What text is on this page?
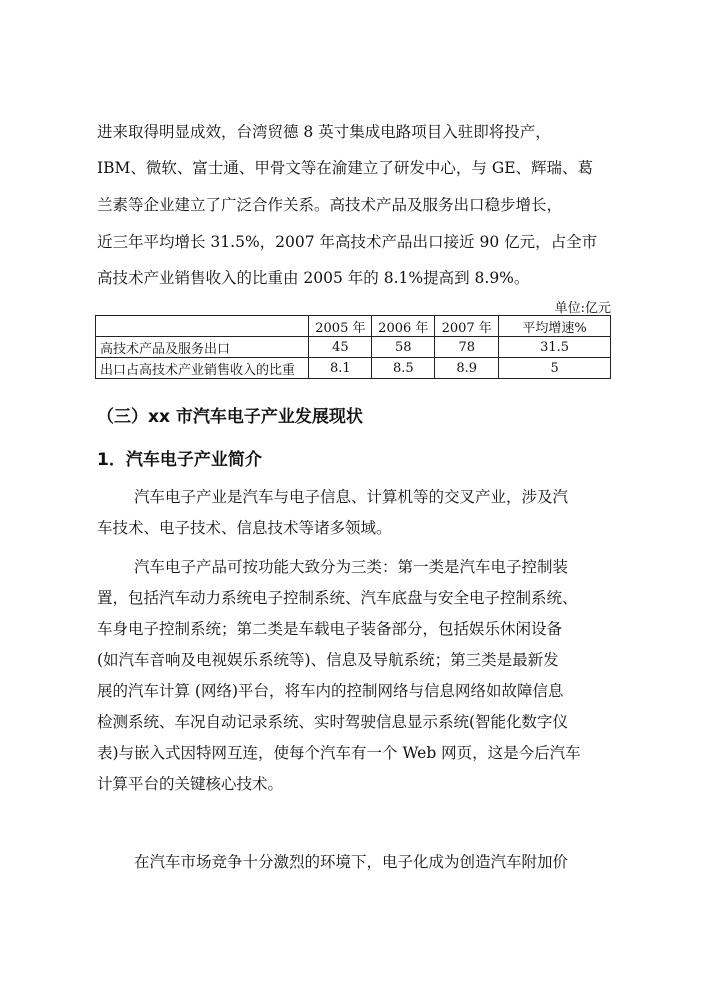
进来取得明显成效，台湾贸德 8 英寸集成电路项目入驻即将投产，
IBM、微软、富士通、甲骨文等在渝建立了研发中心，与 GE、辉瑞、葛
兰素等企业建立了广泛合作关系。高技术产品及服务出口稳步增长，
近三年平均增长 31.5%，2007 年高技术产品出口接近 90 亿元，占全市
高技术产业销售收入的比重由 2005 年的 8.1%提高到 8.9%。
单位:亿元
	2005 年	2006 年	2007 年	平均增速%
高技术产品及服务出口	45	58	78	31.5
出口占高技术产业销售收入的比重	8.1	8.5	8.9	5
（三）xx 市汽车电子产业发展现状
1．汽车电子产业简介
汽车电子产业是汽车与电子信息、计算机等的交叉产业，涉及汽
车技术、电子技术、信息技术等诸多领域。
汽车电子产品可按功能大致分为三类：第一类是汽车电子控制装
置，包括汽车动力系统电子控制系统、汽车底盘与安全电子控制系统、
车身电子控制系统；第二类是车载电子装备部分，包括娱乐休闲设备
(如汽车音响及电视娱乐系统等)、信息及导航系统；第三类是最新发
展的汽车计算 (网络)平台，将车内的控制网络与信息网络如故障信息
检测系统、车况自动记录系统、实时驾驶信息显示系统(智能化数字仪
表)与嵌入式因特网互连，使每个汽车有一个 Web 网页，这是今后汽车
计算平台的关键核心技术。
在汽车市场竞争十分激烈的环境下，电子化成为创造汽车附加价
